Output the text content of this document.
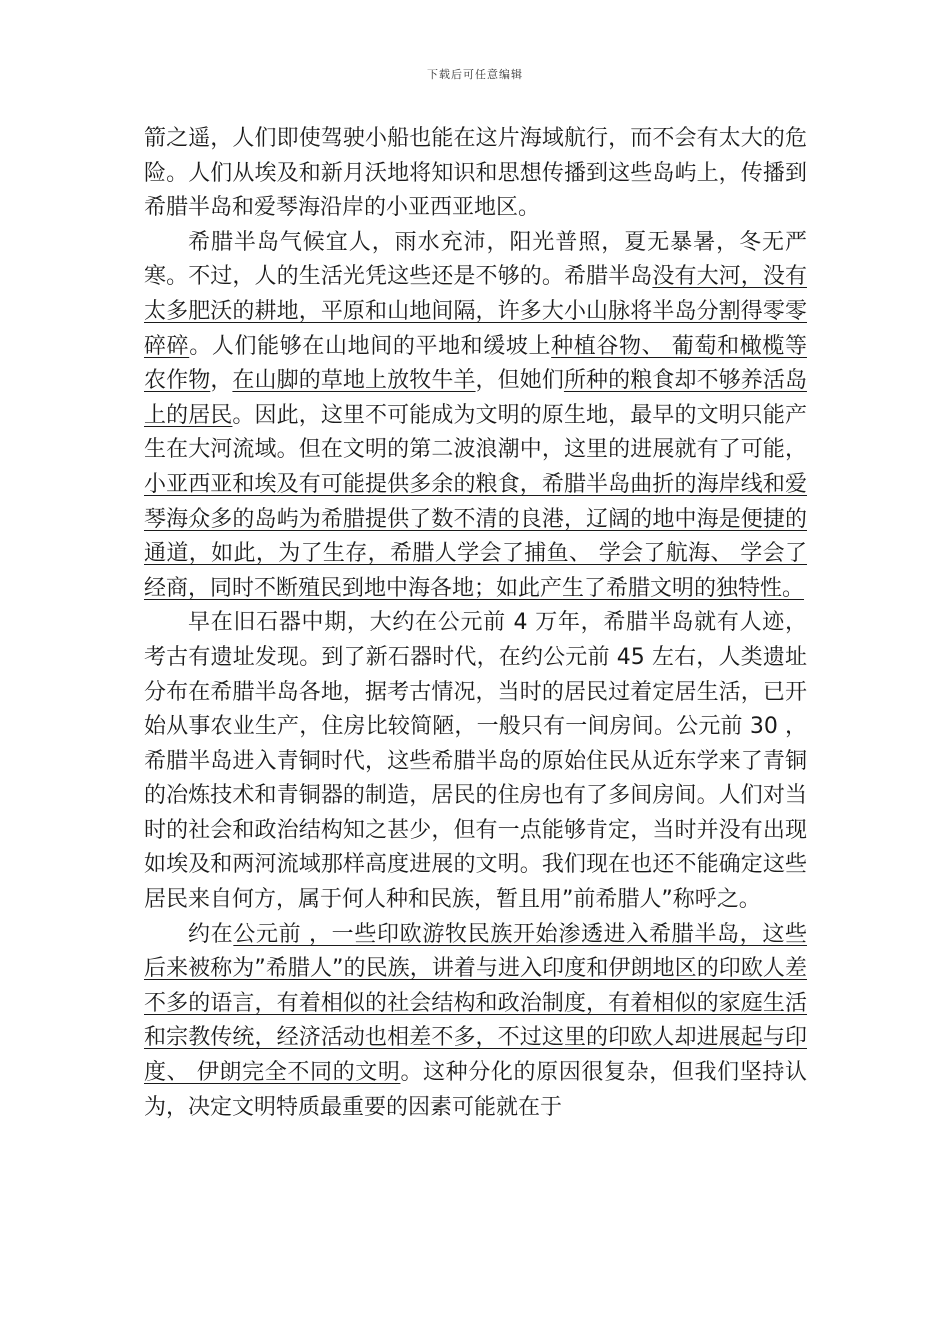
下载后可任意编辑

箭之遥，人们即使驾驶小船也能在这片海域航行，而不会有太大的危险。人们从埃及和新月沃地将知识和思想传播到这些岛屿上，传播到希腊半岛和爱琴海沿岸的小亚西亚地区。

希腊半岛气候宜人，雨水充沛，阳光普照，夏无暴暑，冬无严寒。不过，人的生活光凭这些还是不够的。希腊半岛没有大河，没有太多肥沃的耕地，平原和山地间隔，许多大小山脉将半岛分割得零零碎碎。人们能够在山地间的平地和缓坡上种植谷物、 葡萄和橄榄等农作物，在山脚的草地上放牧牛羊，但她们所种的粮食却不够养活岛上的居民。因此，这里不可能成为文明的原生地，最早的文明只能产生在大河流域。但在文明的第二波浪潮中，这里的进展就有了可能，小亚西亚和埃及有可能提供多余的粮食，希腊半岛曲折的海岸线和爱琴海众多的岛屿为希腊提供了数不清的良港，辽阔的地中海是便捷的通道，如此，为了生存，希腊人学会了捕鱼、 学会了航海、 学会了经商，同时不断殖民到地中海各地；如此产生了希腊文明的独特性。

早在旧石器中期，大约在公元前 4 万年，希腊半岛就有人迹，考古有遗址发现。到了新石器时代，在约公元前 45 左右，人类遗址分布在希腊半岛各地，据考古情况，当时的居民过着定居生活，已开始从事农业生产，住房比较简陋，一般只有一间房间。公元前 30 ，希腊半岛进入青铜时代，这些希腊半岛的原始住民从近东学来了青铜的冶炼技术和青铜器的制造，居民的住房也有了多间房间。人们对当时的社会和政治结构知之甚少，但有一点能够肯定，当时并没有出现如埃及和两河流域那样高度进展的文明。我们现在也还不能确定这些居民来自何方，属于何人种和民族，暂且用”前希腊人”称呼之。

约在公元前 ，一些印欧游牧民族开始渗透进入希腊半岛，这些后来被称为”希腊人”的民族，讲着与进入印度和伊朗地区的印欧人差不多的语言，有着相似的社会结构和政治制度，有着相似的家庭生活和宗教传统，经济活动也相差不多，不过这里的印欧人却进展起与印度、 伊朗完全不同的文明。这种分化的原因很复杂，但我们坚持认为，决定文明特质最重要的因素可能就在于
